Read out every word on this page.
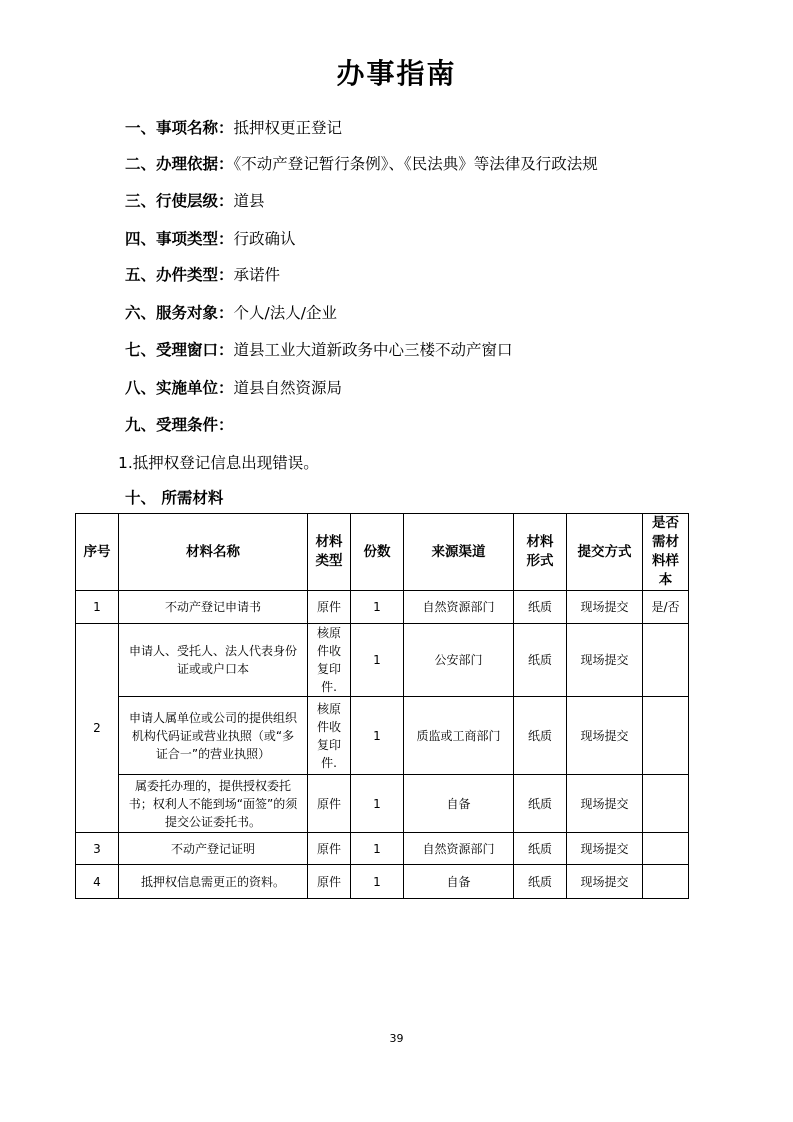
办事指南
一、事项名称：抵押权更正登记
二、办理依据：《不动产登记暂行条例》、《民法典》等法律及行政法规
三、行使层级：道县
四、事项类型：行政确认
五、办件类型：承诺件
六、服务对象：个人/法人/企业
七、受理窗口：道县工业大道新政务中心三楼不动产窗口
八、实施单位：道县自然资源局
九、受理条件：
1.抵押权登记信息出现错误。
十、 所需材料
序号	材料名称	材料类型	份数	来源渠道	材料形式	提交方式	是否需材料样本
1	不动产登记申请书	原件	1	自然资源部门	纸质	现场提交	是/否
2	申请人、受托人、法人代表身份证或或户口本	核原件收复印件.	1	公安部门	纸质	现场提交	
	申请人属单位或公司的提供组织机构代码证或营业执照（或“多证合一”的营业执照）	核原件收复印件.	1	质监或工商部门	纸质	现场提交	
	属委托办理的，提供授权委托书；权利人不能到场“面签”的须提交公证委托书。	原件	1	自备	纸质	现场提交	
3	不动产登记证明	原件	1	自然资源部门	纸质	现场提交	
4	抵押权信息需更正的资料。	原件	1	自备	纸质	现场提交	
39
